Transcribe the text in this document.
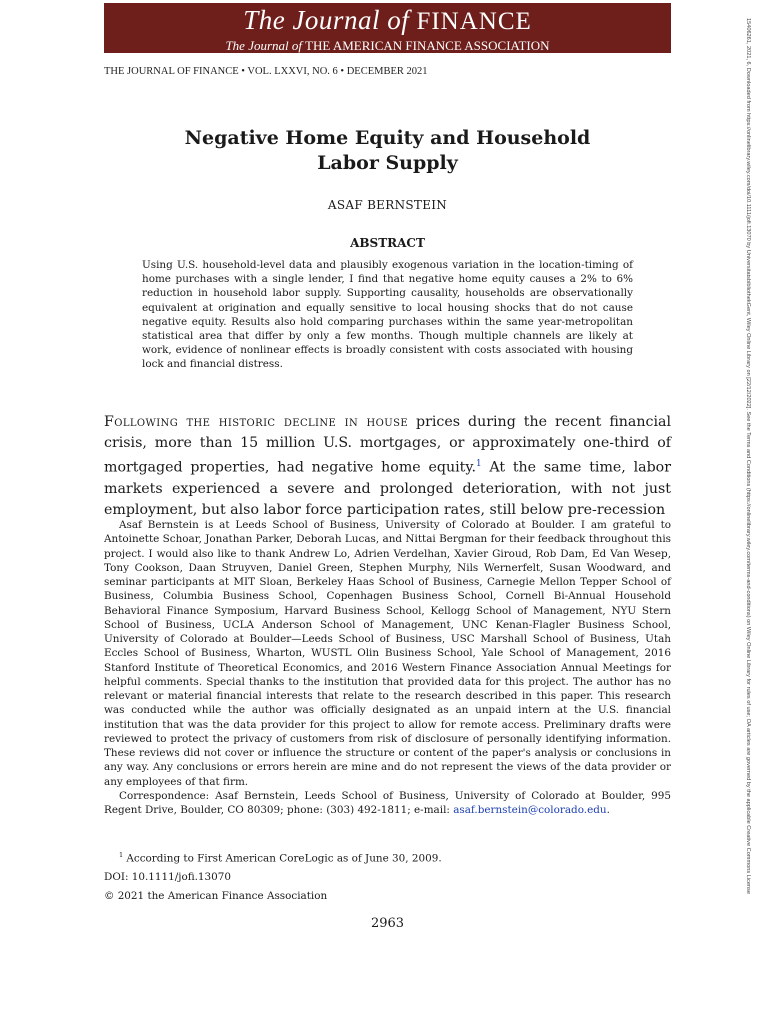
The Journal of FINANCE
The Journal of THE AMERICAN FINANCE ASSOCIATION
THE JOURNAL OF FINANCE • VOL. LXXVI, NO. 6 • DECEMBER 2021
Negative Home Equity and Household
Labor Supply
ASAF BERNSTEIN
ABSTRACT
Using U.S. household-level data and plausibly exogenous variation in the location-timing of home purchases with a single lender, I find that negative home equity causes a 2% to 6% reduction in household labor supply. Supporting causality, households are observationally equivalent at origination and equally sensitive to local housing shocks that do not cause negative equity. Results also hold comparing purchases within the same year-metropolitan statistical area that differ by only a few months. Though multiple channels are likely at work, evidence of nonlinear effects is broadly consistent with costs associated with housing lock and financial distress.
Following the historic decline in house prices during the recent financial crisis, more than 15 million U.S. mortgages, or approximately one-third of mortgaged properties, had negative home equity.$^1$ At the same time, labor markets experienced a severe and prolonged deterioration, with not just employment, but also labor force participation rates, still below pre-recession

Asaf Bernstein is at Leeds School of Business, University of Colorado at Boulder. I am grateful to Antoinette Schoar, Jonathan Parker, Deborah Lucas, and Nittai Bergman for their feedback throughout this project. I would also like to thank Andrew Lo, Adrien Verdelhan, Xavier Giroud, Rob Dam, Ed Van Wesep, Tony Cookson, Daan Struyven, Daniel Green, Stephen Murphy, Nils Wernerfelt, Susan Woodward, and seminar participants at MIT Sloan, Berkeley Haas School of Business, Carnegie Mellon Tepper School of Business, Columbia Business School, Copenhagen Business School, Cornell Bi-Annual Household Behavioral Finance Symposium, Harvard Business School, Kellogg School of Management, NYU Stern School of Business, UCLA Anderson School of Management, UNC Kenan-Flagler Business School, University of Colorado at Boulder—Leeds School of Business, USC Marshall School of Business, Utah Eccles School of Business, Wharton, WUSTL Olin Business School, Yale School of Management, 2016 Stanford Institute of Theoretical Economics, and 2016 Western Finance Association Annual Meetings for helpful comments. Special thanks to the institution that provided data for this project. The author has no relevant or material financial interests that relate to the research described in this paper. This research was conducted while the author was officially designated as an unpaid intern at the U.S. financial institution that was the data provider for this project to allow for remote access. Preliminary drafts were reviewed to protect the privacy of customers from risk of disclosure of personally identifying information. These reviews did not cover or influence the structure or content of the paper's analysis or conclusions in any way. Any conclusions or errors herein are mine and do not represent the views of the data provider or any employees of that firm.

Correspondence: Asaf Bernstein, Leeds School of Business, University of Colorado at Boulder, 995 Regent Drive, Boulder, CO 80309; phone: (303) 492-1811; e-mail: asaf.bernstein@colorado.edu.

$^1$ According to First American CoreLogic as of June 30, 2009.
DOI: 10.1111/jofi.13070
© 2021 the American Finance Association
2963
15406261, 2021, 6, Downloaded from https://onlinelibrary.wiley.com/doi/10.1111/jofi.13070 by UniversitatsbibliothekGent, Wiley Online Library on [22/12/2022]. See the Terms and Conditions (https://onlinelibrary.wiley.com/terms-and-conditions) on Wiley Online Library for rules of use; OA articles are governed by the applicable Creative Commons License
